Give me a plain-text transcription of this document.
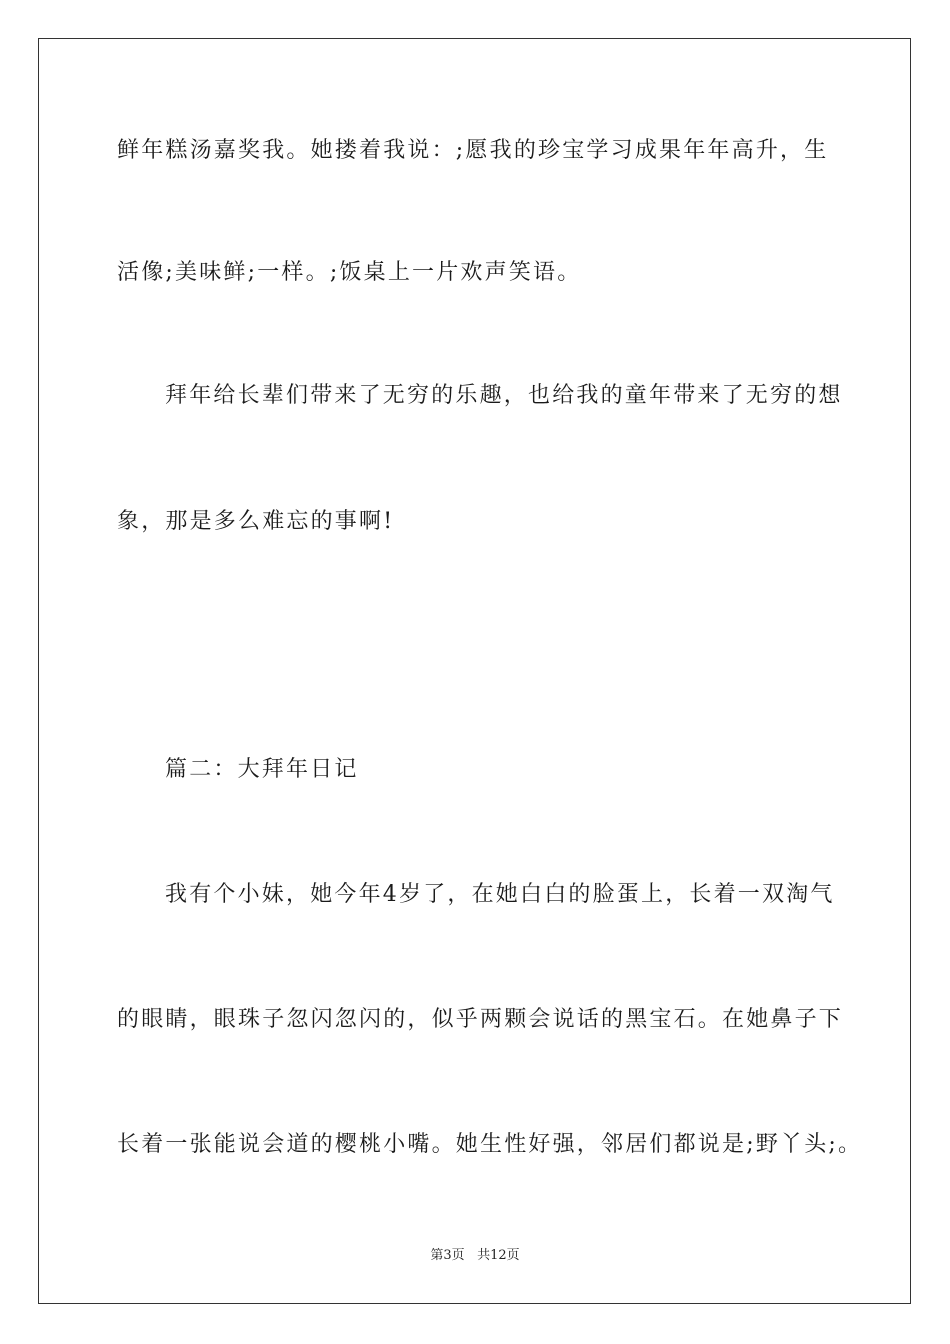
鲜年糕汤嘉奖我。她搂着我说：;愿我的珍宝学习成果年年高升，生
活像;美味鲜;一样。;饭桌上一片欢声笑语。
拜年给长辈们带来了无穷的乐趣，也给我的童年带来了无穷的想
象，那是多么难忘的事啊!
篇二：大拜年日记
我有个小妹，她今年4岁了，在她白白的脸蛋上，长着一双淘气
的眼睛，眼珠子忽闪忽闪的，似乎两颗会说话的黑宝石。在她鼻子下
长着一张能说会道的樱桃小嘴。她生性好强，邻居们都说是;野丫头;。
第3页 共12页
